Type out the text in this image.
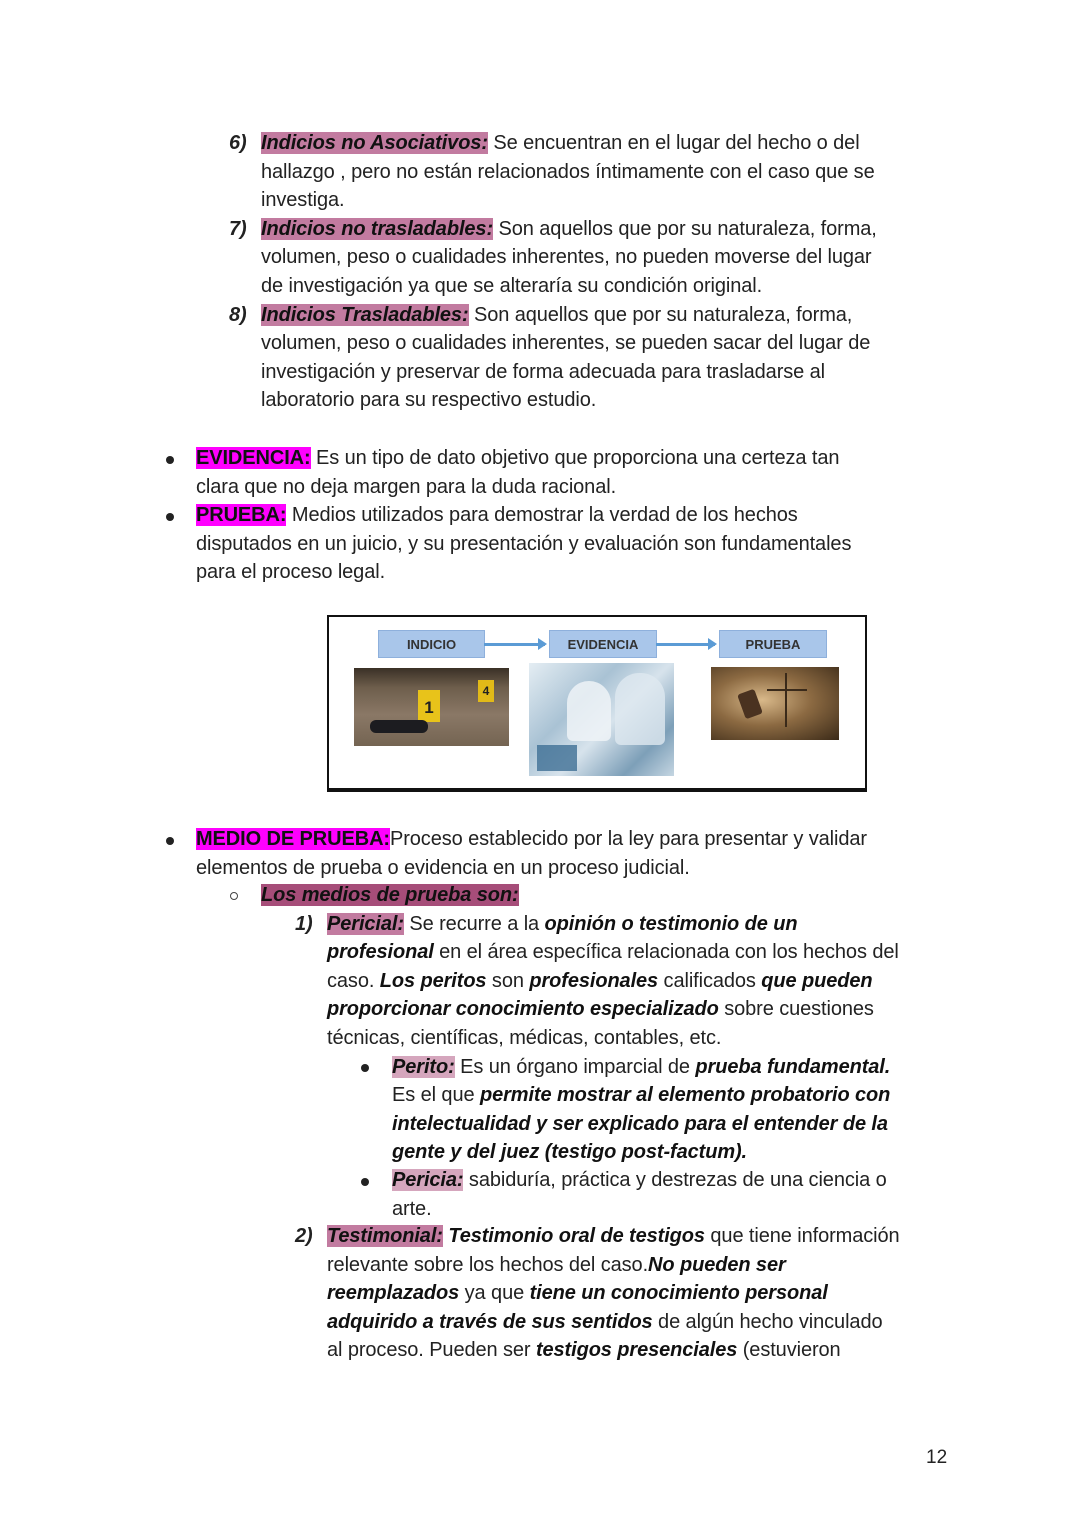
6) Indicios no Asociativos: Se encuentran en el lugar del hecho o del
hallazgo , pero no están relacionados íntimamente con el caso que se
investiga.
7) Indicios no trasladables: Son aquellos que por su naturaleza, forma,
volumen, peso o cualidades inherentes, no pueden moverse del lugar
de investigación ya que se alteraría su condición original.
8) Indicios Trasladables: Son aquellos que por su naturaleza, forma,
volumen, peso o cualidades inherentes, se pueden sacar del lugar de
investigación y preservar de forma adecuada para trasladarse al
laboratorio para su respectivo estudio.
EVIDENCIA: Es un tipo de dato objetivo que proporciona una certeza tan
clara que no deja margen para la duda racional.
PRUEBA: Medios utilizados para demostrar la verdad de los hechos
disputados en un juicio, y su presentación y evaluación son fundamentales
para el proceso legal.
INDICIO	EVIDENCIA	PRUEBA
1
4
MEDIO DE PRUEBA:Proceso establecido por la ley para presentar y validar
elementos de prueba o evidencia en un proceso judicial.
Los medios de prueba son:
1) Pericial: Se recurre a la opinión o testimonio de un
profesional en el área específica relacionada con los hechos del
caso. Los peritos son profesionales calificados que pueden
proporcionar conocimiento especializado sobre cuestiones
técnicas, científicas, médicas, contables, etc.
Perito: Es un órgano imparcial de prueba fundamental.
Es el que permite mostrar al elemento probatorio con
intelectualidad y ser explicado para el entender de la
gente y del juez (testigo post-factum).
Pericia: sabiduría, práctica y destrezas de una ciencia o
arte.
2) Testimonial: Testimonio oral de testigos que tiene información
relevante sobre los hechos del caso.No pueden ser
reemplazados ya que tiene un conocimiento personal
adquirido a través de sus sentidos de algún hecho vinculado
al proceso. Pueden ser testigos presenciales (estuvieron
12
